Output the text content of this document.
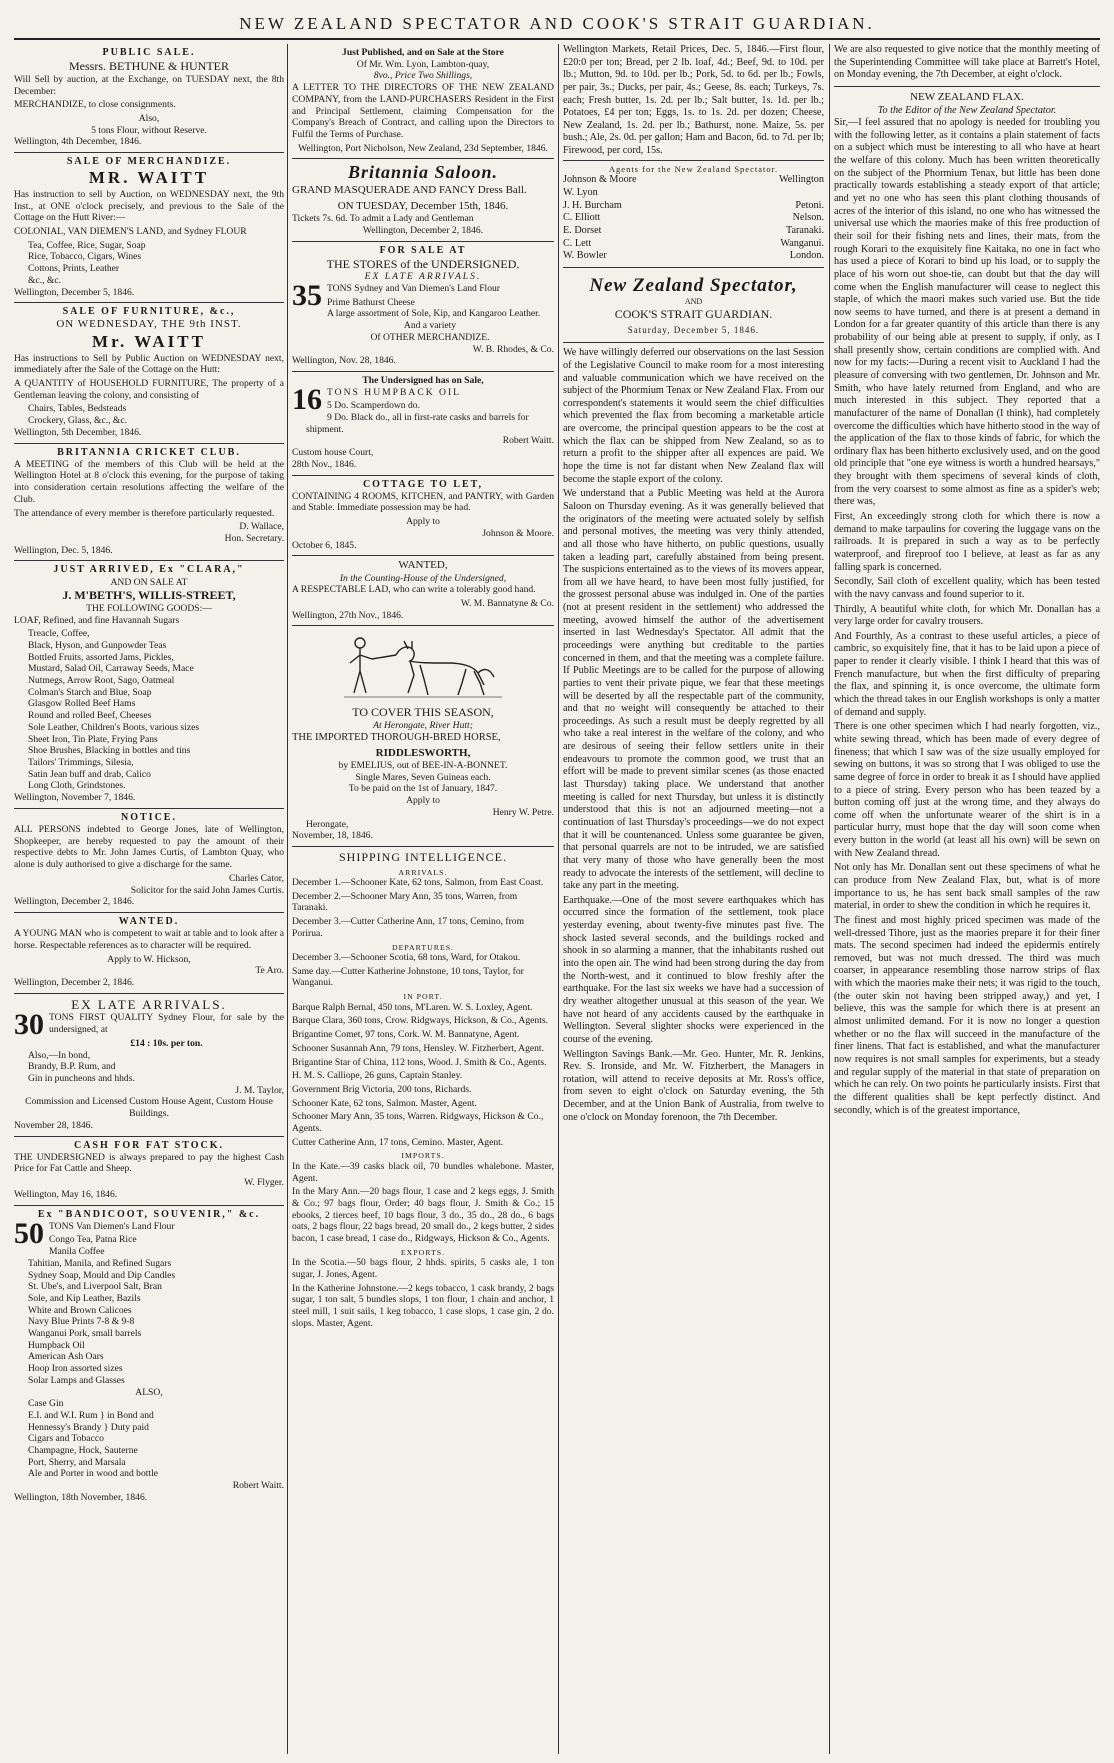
NEW ZEALAND SPECTATOR AND COOK'S STRAIT GUARDIAN.
PUBLIC SALE.
Messrs. BETHUNE & HUNTER

Will Sell by auction, at the Exchange, on TUESDAY next, the 8th December:

MERCHANDIZE, to close consignments.

Also,
5 tons Flour, without Reserve.
Wellington, 4th December, 1846.
SALE OF MERCHANDIZE.
MR. WAITT

Has instruction to sell by Auction, on WEDNESDAY next, the 9th Inst., at ONE o'clock precisely, and previous to the Sale of the Cottage on the Hutt River:—

COLONIAL, VAN DIEMEN'S LAND, and Sydney FLOUR

Tea, Coffee, Rice, Sugar, Soap
Rice, Tobacco, Cigars, Wines
Cottons, Prints, Leather
&c., &c.
Wellington, December 5, 1846.
SALE OF FURNITURE, &c.,
ON WEDNESDAY, THE 9th INST.
Mr. WAITT

Has instructions to Sell by Public Auction on WEDNESDAY next, immediately after the Sale of the Cottage on the Hutt:

A QUANTITY of HOUSEHOLD FURNITURE, The property of a Gentleman leaving the colony, and consisting of

Chairs, Tables, Bedsteads
Crockery, Glass, &c., &c.
Wellington, 5th December, 1846.
BRITANNIA CRICKET CLUB.

A MEETING of the members of this Club will be held at the Wellington Hotel at 8 o'clock this evening, for the purpose of taking into consideration certain resolutions affecting the welfare of the Club.

The attendance of every member is therefore particularly requested.

D. Wallace,
Hon. Secretary.
Wellington, Dec. 5, 1846.
JUST ARRIVED, Ex "CLARA,"
AND ON SALE AT
J. M'BETH'S, WILLIS-STREET,
THE FOLLOWING GOODS:—

LOAF, Refined, and fine Havannah Sugars

Treacle, Coffee,
Black, Hyson, and Gunpowder Teas
Bottled Fruits, assorted Jams, Pickles,
Mustard, Salad Oil, Carraway Seeds, Mace
Nutmegs, Arrow Root, Sago, Oatmeal
Colman's Starch and Blue, Soap
Glasgow Rolled Beef Hams
Round and rolled Beef, Cheeses
Sole Leather, Children's Boots, various sizes
Sheet Iron, Tin Plate, Frying Pans
Shoe Brushes, Blacking in bottles and tins
Tailors' Trimmings, Silesia,
Satin Jean buff and drab, Calico
Long Cloth, Grindstones.
Wellington, November 7, 1846.
NOTICE.

ALL PERSONS indebted to George Jones, late of Wellington, Shopkeeper, are hereby requested to pay the amount of their respective debts to Mr. John James Curtis, of Lambton Quay, who alone is duly authorised to give a discharge for the same.

Charles Cator,
Solicitor for the said John James Curtis.
Wellington, December 2, 1846.
WANTED.

A YOUNG MAN who is competent to wait at table and to look after a horse. Respectable references as to character will be required.

Apply to W. Hickson,
Te Aro.
Wellington, December 2, 1846.
EX LATE ARRIVALS.
30 TONS FIRST QUALITY Sydney Flour, for sale by the undersigned, at

£14 : 10s. per ton.
Also,—In bond,
Brandy, B.P. Rum, and
Gin in puncheons and hhds.
J. M. Taylor,
Commission and Licensed Custom House Agent, Custom House Buildings.
November 28, 1846.
CASH FOR FAT STOCK.

THE UNDERSIGNED is always prepared to pay the highest Cash Price for Fat Cattle and Sheep.

W. Flyger.
Wellington, May 16, 1846.
Ex "BANDICOOT, SOUVENIR," &c.
50 TONS Van Diemen's Land Flour

Congo Tea, Patna Rice
Manila Coffee
Tahitian, Manila, and Refined Sugars
Sydney Soap, Mould and Dip Candles
St. Ube's, and Liverpool Salt, Bran
Sole, and Kip Leather, Bazils
White and Brown Calicoes
Navy Blue Prints 7-8 & 9-8
Wanganui Pork, small barrels
Humpback Oil
American Ash Oars
Hoop Iron assorted sizes
Solar Lamps and Glasses
ALSO,
Case Gin
E.I. and W.I. Rum } in Bond and
Hennessy's Brandy } Duty paid
Cigars and Tobacco
Champagne, Hock, Sauterne
Port, Sherry, and Marsala
Ale and Porter in wood and bottle
Robert Waitt.
Wellington, 18th November, 1846.
Just Published, and on Sale at the Store
Of Mr. Wm. Lyon, Lambton-quay,
8vo., Price Two Shillings,

A LETTER TO THE DIRECTORS OF THE NEW ZEALAND COMPANY, from the LAND-PURCHASERS Resident in the First and Principal Settlement, claiming Compensation for the Company's Breach of Contract, and calling upon the Directors to Fulfil the Terms of Purchase.

Wellington, Port Nicholson, New Zealand, 23d September, 1846.
Britannia Saloon.

GRAND MASQUERADE AND FANCY Dress Ball.

ON TUESDAY, December 15th, 1846.
Tickets 7s. 6d. To admit a Lady and Gentleman
Wellington, December 2, 1846.
FOR SALE AT
THE STORES of the UNDERSIGNED.
EX LATE ARRIVALS.
35 TONS Sydney and Van Diemen's Land Flour

Prime Bathurst Cheese
A large assortment of Sole, Kip, and Kangaroo Leather.
And a variety
Of OTHER MERCHANDIZE.
W. B. Rhodes, & Co.
Wellington, Nov. 28, 1846.
The Undersigned has on Sale,
16 TONS HUMPBACK OIL

5 Do. Scamperdown do.
9 Do. Black do., all in first-rate casks and barrels for shipment.
Robert Waitt.
Custom house Court,
28th Nov., 1846.
COTTAGE TO LET,

CONTAINING 4 ROOMS, KITCHEN, and PANTRY, with Garden and Stable. Immediate possession may be had.

Apply to
Johnson & Moore.
October 6, 1845.
WANTED,
In the Counting-House of the Undersigned,

A RESPECTABLE LAD, who can write a tolerably good hand.

W. M. Bannatyne & Co.
Wellington, 27th Nov., 1846.
TO COVER THIS SEASON,
At Herongate, River Hutt;

THE IMPORTED THOROUGH-BRED HORSE,

RIDDLESWORTH,
by EMELIUS, out of BEE-IN-A-BONNET.
Single Mares, Seven Guineas each.
To be paid on the 1st of January, 1847.
Apply to
Henry W. Petre.
Herongate,
November, 18, 1846.
SHIPPING INTELLIGENCE.
ARRIVALS.

December 1.—Schooner Kate, 62 tons, Salmon, from East Coast.

December 2.—Schooner Mary Ann, 35 tons, Warren, from Taranaki.

December 3.—Cutter Catherine Ann, 17 tons, Cemino, from Porirua.

DEPARTURES.

December 3.—Schooner Scotia, 68 tons, Ward, for Otakou.

Same day.—Cutter Katherine Johnstone, 10 tons, Taylor, for Wanganui.

IN PORT.

Barque Ralph Bernal, 450 tons, M'Laren. W. S. Loxley, Agent.

Barque Clara, 360 tons, Crow. Ridgways, Hickson, & Co., Agents.

Brigantine Comet, 97 tons, Cork. W. M. Bannatyne, Agent.

Schooner Susannah Ann, 79 tons, Hensley. W. Fitzherbert, Agent.

Brigantine Star of China, 112 tons, Wood. J. Smith & Co., Agents.

H. M. S. Calliope, 26 guns, Captain Stanley.

Government Brig Victoria, 200 tons, Richards.

Schooner Kate, 62 tons, Salmon. Master, Agent.

Schooner Mary Ann, 35 tons, Warren. Ridgways, Hickson & Co., Agents.

Cutter Catherine Ann, 17 tons, Cemino. Master, Agent.

IMPORTS.

In the Kate.—39 casks black oil, 70 bundles whalebone. Master, Agent.

In the Mary Ann.—20 bags flour, 1 case and 2 kegs eggs, J. Smith & Co.; 97 bags flour, Order; 40 bags flour, J. Smith & Co.; 15 ebooks, 2 tierces beef, 10 bags flour, 3 do., 35 do., 28 do., 6 bags oats, 2 bags flour, 22 bags bread, 20 small do., 2 kegs butter, 2 sides bacon, 1 case bread, 1 case do., Ridgways, Hickson & Co., Agents.

EXPORTS.

In the Scotia.—50 bags flour, 2 hhds. spirits, 5 casks ale, 1 ton sugar, J. Jones, Agent.

In the Katherine Johnstone.—2 kegs tobacco, 1 cask brandy, 2 bags sugar, 1 ton salt, 5 bundles slops, 1 ton flour, 1 chain and anchor, 1 steel mill, 1 suit sails, 1 keg tobacco, 1 case slops, 1 case gin, 2 do. slops. Master, Agent.

Wellington Markets, Retail Prices, Dec. 5, 1846.—First flour, £20:0 per ton; Bread, per 2 lb. loaf, 4d.; Beef, 9d. to 10d. per lb.; Mutton, 9d. to 10d. per lb.; Pork, 5d. to 6d. per lb.; Fowls, per pair, 3s.; Ducks, per pair, 4s.; Geese, 8s. each; Turkeys, 7s. each; Fresh butter, 1s. 2d. per lb.; Salt butter, 1s. 1d. per lb.; Potatoes, £4 per ton; Eggs, 1s. to 1s. 2d. per dozen; Cheese, New Zealand, 1s. 2d. per lb.; Bathurst, none. Maize, 5s. per bush.; Ale, 2s. 0d. per gallon; Ham and Bacon, 6d. to 7d. per lb; Firewood, per cord, 15s.

Agents for the New Zealand Spectator.
Johnson & Moore	Wellington
W. Lyon
J. H. Burcham	Petoni.
C. Elliott	Nelson.
E. Dorset	Taranaki.
C. Lett	Wanganui.
W. Bowler	London.
New Zealand Spectator,
AND
COOK'S STRAIT GUARDIAN.
Saturday, December 5, 1846.

We have willingly deferred our observations on the last Session of the Legislative Council to make room for a most interesting and valuable communication which we have received on the subject of the Phormium Tenax or New Zealand Flax. From our correspondent's statements it would seem the chief difficulties which prevented the flax from becoming a marketable article are overcome, the principal question appears to be the cost at which the flax can be shipped from New Zealand, so as to return a profit to the shipper after all expences are paid. We hope the time is not far distant when New Zealand flax will become the staple export of the colony.

We understand that a Public Meeting was held at the Aurora Saloon on Thursday evening. As it was generally believed that the originators of the meeting were actuated solely by selfish and personal motives, the meeting was very thinly attended, and all those who have hitherto, on public questions, usually taken a leading part, carefully abstained from being present. The suspicions entertained as to the views of its movers appear, from all we have heard, to have been most fully justified, for the grossest personal abuse was indulged in. One of the parties (not at present resident in the settlement) who addressed the meeting, avowed himself the author of the advertisement inserted in last Wednesday's Spectator. All admit that the proceedings were anything but creditable to the parties concerned in them, and that the meeting was a complete failure. If Public Meetings are to be called for the purpose of allowing parties to vent their private pique, we fear that these meetings will be deserted by all the respectable part of the community, and that no weight will consequently be attached to their proceedings. As such a result must be deeply regretted by all who take a real interest in the welfare of the colony, and who are desirous of seeing their fellow settlers unite in their endeavours to promote the common good, we trust that an effort will be made to prevent similar scenes (as those enacted last Thursday) taking place. We understand that another meeting is called for next Thursday, but unless it is distinctly understood that this is not an adjourned meeting—not a continuation of last Thursday's proceedings—we do not expect that it will be countenanced. Unless some guarantee be given, that personal quarrels are not to be intruded, we are satisfied that very many of those who have generally been the most ready to advocate the interests of the settlement, will decline to take any part in the meeting.

Earthquake.—One of the most severe earthquakes which has occurred since the formation of the settlement, took place yesterday evening, about twenty-five minutes past five. The shock lasted several seconds, and the buildings rocked and shook in so alarming a manner, that the inhabitants rushed out into the open air. The wind had been strong during the day from the North-west, and it continued to blow freshly after the earthquake. For the last six weeks we have had a succession of dry weather altogether unusual at this season of the year. We have not heard of any accidents caused by the earthquake in Wellington. Several slighter shocks were experienced in the course of the evening.

Wellington Savings Bank.—Mr. Geo. Hunter, Mr. R. Jenkins, Rev. S. Ironside, and Mr. W. Fitzherbert, the Managers in rotation, will attend to receive deposits at Mr. Ross's office, from seven to eight o'clock on Saturday evening, the 5th December, and at the Union Bank of Australia, from twelve to one o'clock on Monday forenoon, the 7th December.

We are also requested to give notice that the monthly meeting of the Superintending Committee will take place at Barrett's Hotel, on Monday evening, the 7th December, at eight o'clock.

NEW ZEALAND FLAX.
To the Editor of the New Zealand Spectator.

Sir,—I feel assured that no apology is needed for troubling you with the following letter, as it contains a plain statement of facts on a subject which must be interesting to all who have at heart the welfare of this colony. Much has been written theoretically on the subject of the Phormium Tenax, but little has been done practically towards establishing a steady export of that article; and yet no one who has seen this plant clothing thousands of acres of the interior of this island, no one who has witnessed the universal use which the maories make of this free production of their soil for their fishing nets and lines, their mats, from the rough Korari to the exquisitely fine Kaitaka, no one in fact who has used a piece of Korari to bind up his load, or to supply the place of his worn out shoe-tie, can doubt but that the day will come when the English manufacturer will cease to neglect this staple, of which the maori makes such varied use. But the tide now seems to have turned, and there is at present a demand in London for a far greater quantity of this article than there is any probability of our being able at present to supply, if only, as I shall presently show, certain conditions are complied with. And now for my facts:—During a recent visit to Auckland I had the pleasure of conversing with two gentlemen, Dr. Johnson and Mr. Smith, who have lately returned from England, and who are much interested in this subject. They reported that a manufacturer of the name of Donallan (I think), had completely overcome the difficulties which have hitherto stood in the way of the application of the flax to those kinds of fabric, for which the ordinary flax has been hitherto exclusively used, and on the good old principle that "one eye witness is worth a hundred hearsays," they brought with them specimens of several kinds of cloth, from the very coarsest to some almost as fine as a spider's web; there was,

First, An exceedingly strong cloth for which there is now a demand to make tarpaulins for covering the luggage vans on the railroads. It is prepared in such a way as to be perfectly waterproof, and fireproof too I believe, at least as far as any falling spark is concerned.

Secondly, Sail cloth of excellent quality, which has been tested with the navy canvass and found superior to it.

Thirdly, A beautiful white cloth, for which Mr. Donallan has a very large order for cavalry trousers.

And Fourthly, As a contrast to these useful articles, a piece of cambric, so exquisitely fine, that it has to be laid upon a piece of paper to render it clearly visible. I think I heard that this was of French manufacture, but when the first difficulty of preparing the flax, and spinning it, is once overcome, the ultimate form which the thread takes in our English workshops is only a matter of demand and supply.

There is one other specimen which I had nearly forgotten, viz., white sewing thread, which has been made of every degree of fineness; that which I saw was of the size usually employed for sewing on buttons, it was so strong that I was obliged to use the same degree of force in order to break it as I should have applied to a piece of string. Every person who has been teazed by a button coming off just at the wrong time, and they always do come off when the unfortunate wearer of the shirt is in a particular hurry, must hope that the day will soon come when every button in the world (at least all his own) will be sewn on with New Zealand thread.

Not only has Mr. Donallan sent out these specimens of what he can produce from New Zealand Flax, but, what is of more importance to us, he has sent back small samples of the raw material, in order to shew the condition in which he requires it.

The finest and most highly priced specimen was made of the well-dressed Tihore, just as the maories prepare it for their finer mats. The second specimen had indeed the epidermis entirely removed, but was not much dressed. The third was much coarser, in appearance resembling those narrow strips of flax with which the maories make their nets; it was rigid to the touch, (the outer skin not having been stripped away,) and yet, I believe, this was the sample for which there is at present an almost unlimited demand. For it is now no longer a question whether or no the flax will succeed in the manufacture of the finer linens. That fact is established, and what the manufacturer now requires is not small samples for experiments, but a steady and regular supply of the material in that state of preparation on which he can rely. On two points he particularly insists. First that the different qualities shall be kept perfectly distinct. And secondly, which is of the greatest importance,
